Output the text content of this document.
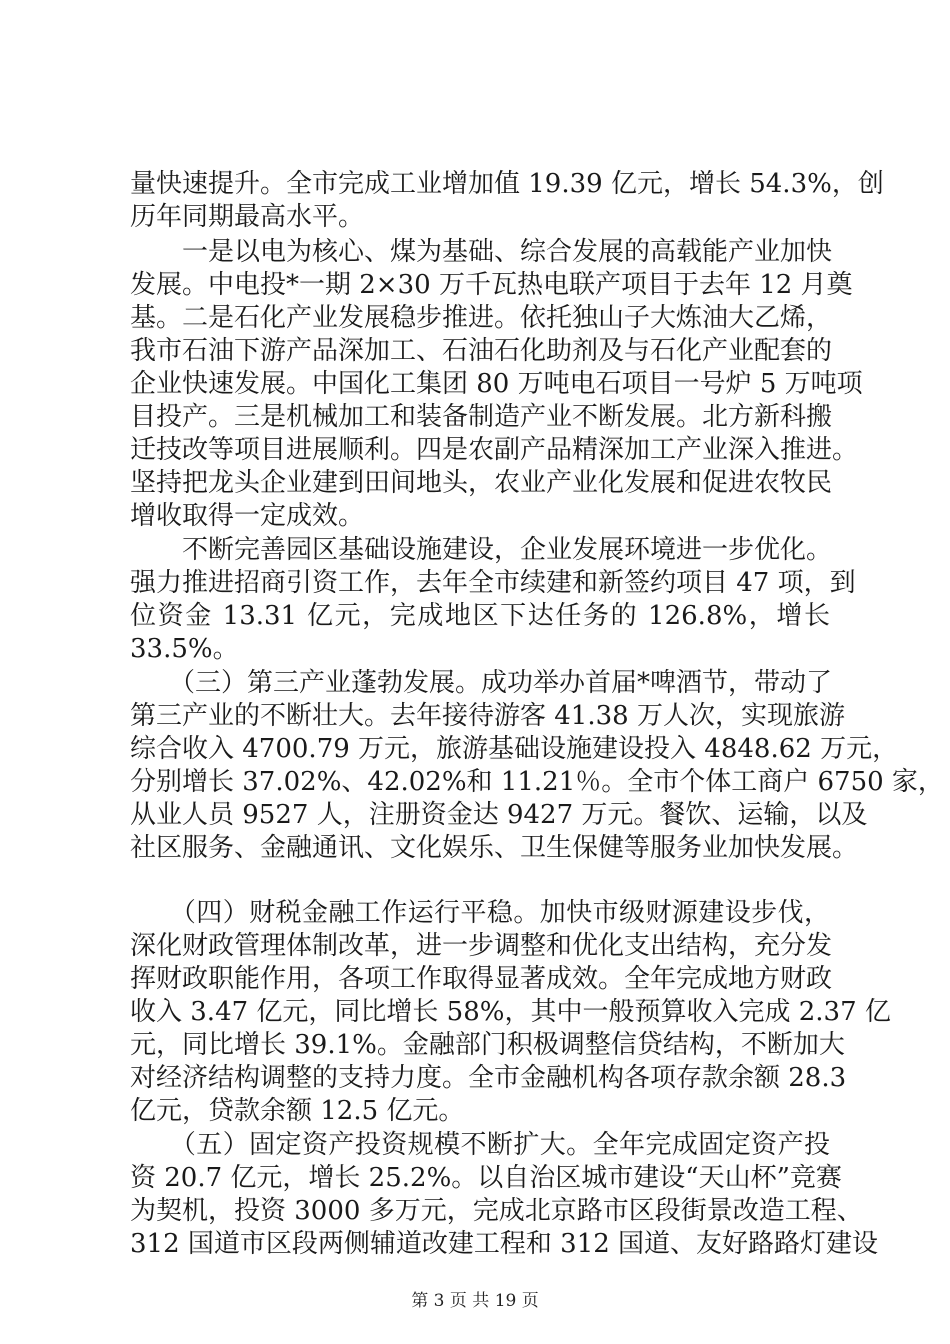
量快速提升。全市完成工业增加值 19.39 亿元，增长 54.3%，创
历年同期最高水平。
　　一是以电为核心、煤为基础、综合发展的高载能产业加快
发展。中电投*一期 2×30 万千瓦热电联产项目于去年 12 月奠
基。二是石化产业发展稳步推进。依托独山子大炼油大乙烯，
我市石油下游产品深加工、石油石化助剂及与石化产业配套的
企业快速发展。中国化工集团 80 万吨电石项目一号炉 5 万吨项
目投产。三是机械加工和装备制造产业不断发展。北方新科搬
迁技改等项目进展顺利。四是农副产品精深加工产业深入推进。
坚持把龙头企业建到田间地头，农业产业化发展和促进农牧民
增收取得一定成效。
　　不断完善园区基础设施建设，企业发展环境进一步优化。
强力推进招商引资工作，去年全市续建和新签约项目 47 项，到
位资金 13.31 亿元，完成地区下达任务的 126.8%，增长
33.5%。
　　（三）第三产业蓬勃发展。成功举办首届*啤酒节，带动了
第三产业的不断壮大。去年接待游客 41.38 万人次，实现旅游
综合收入 4700.79 万元，旅游基础设施建设投入 4848.62 万元，
分别增长 37.02%、42.02%和 11.21％。全市个体工商户 6750 家，
从业人员 9527 人，注册资金达 9427 万元。餐饮、运输，以及
社区服务、金融通讯、文化娱乐、卫生保健等服务业加快发展。
　　（四）财税金融工作运行平稳。加快市级财源建设步伐，
深化财政管理体制改革，进一步调整和优化支出结构，充分发
挥财政职能作用，各项工作取得显著成效。全年完成地方财政
收入 3.47 亿元，同比增长 58%，其中一般预算收入完成 2.37 亿
元，同比增长 39.1%。金融部门积极调整信贷结构，不断加大
对经济结构调整的支持力度。全市金融机构各项存款余额 28.3
亿元，贷款余额 12.5 亿元。
　　（五）固定资产投资规模不断扩大。全年完成固定资产投
资 20.7 亿元，增长 25.2%。以自治区城市建设“天山杯”竞赛
为契机，投资 3000 多万元，完成北京路市区段街景改造工程、
312 国道市区段两侧辅道改建工程和 312 国道、友好路路灯建设
第 3 页 共 19 页
